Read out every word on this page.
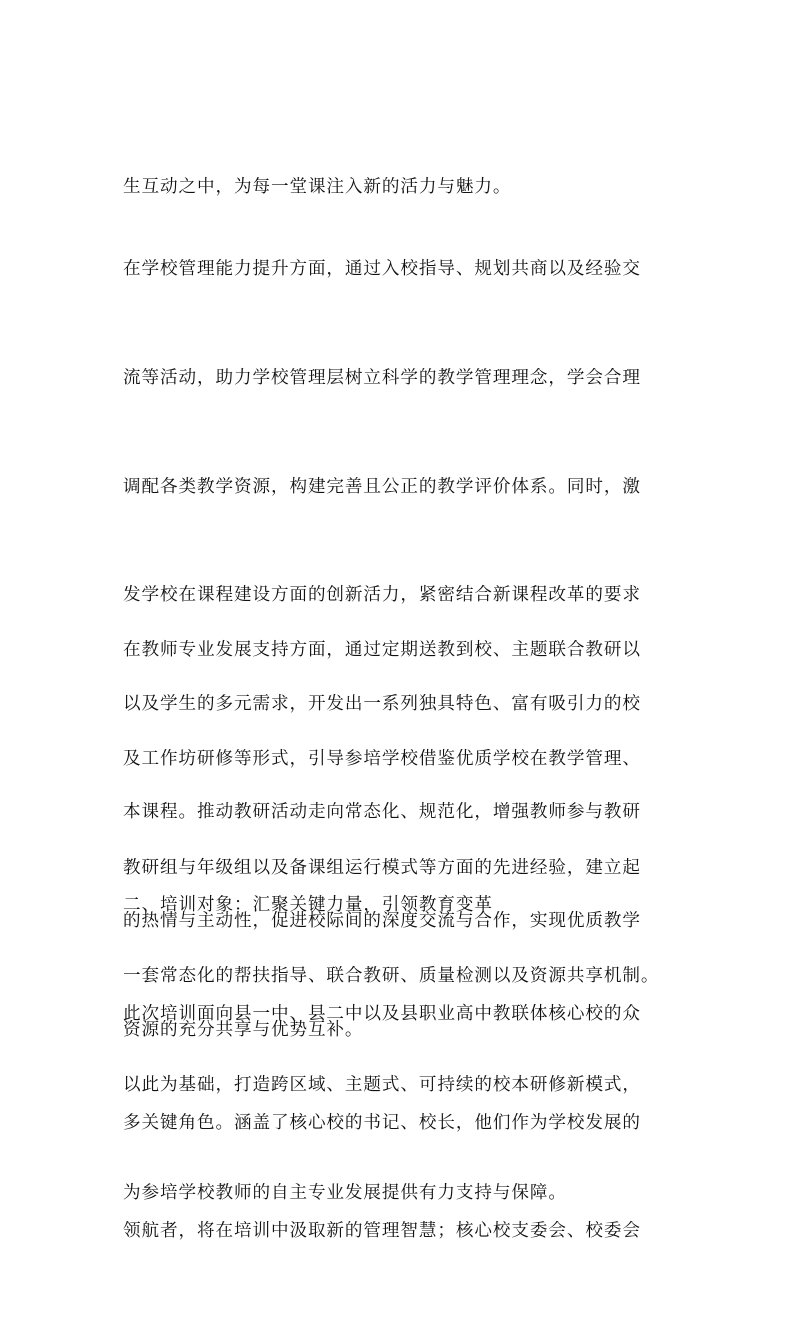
生互动之中，为每一堂课注入新的活力与魅力。

在学校管理能力提升方面，通过入校指导、规划共商以及经验交

流等活动，助力学校管理层树立科学的教学管理理念，学会合理

调配各类教学资源，构建完善且公正的教学评价体系。同时，激

发学校在课程建设方面的创新活力，紧密结合新课程改革的要求

以及学生的多元需求，开发出一系列独具特色、富有吸引力的校

本课程。推动教研活动走向常态化、规范化，增强教师参与教研

的热情与主动性，促进校际间的深度交流与合作，实现优质教学

资源的充分共享与优势互补。

在教师专业发展支持方面，通过定期送教到校、主题联合教研以

及工作坊研修等形式，引导参培学校借鉴优质学校在教学管理、

教研组与年级组以及备课组运行模式等方面的先进经验，建立起

一套常态化的帮扶指导、联合教研、质量检测以及资源共享机制。

以此为基础，打造跨区域、主题式、可持续的校本研修新模式，

为参培学校教师的自主专业发展提供有力支持与保障。

二、培训对象：汇聚关键力量，引领教育变革

此次培训面向县一中、县二中以及县职业高中教联体核心校的众

多关键角色。涵盖了核心校的书记、校长，他们作为学校发展的

领航者，将在培训中汲取新的管理智慧；核心校支委会、校委会
